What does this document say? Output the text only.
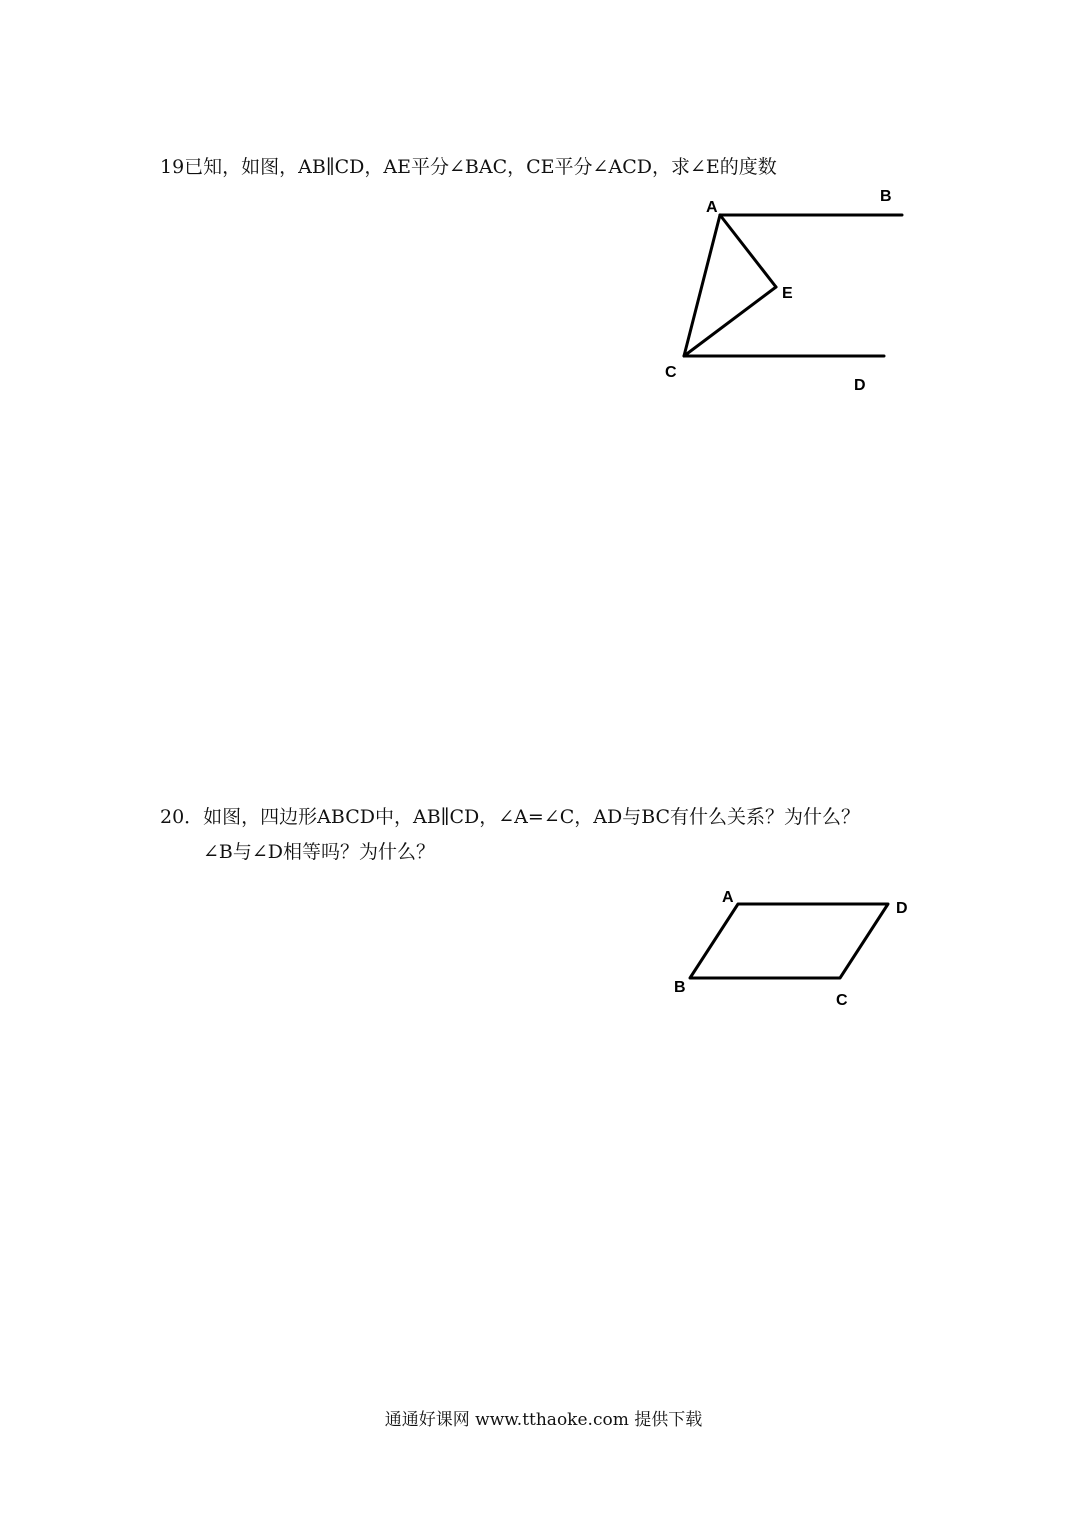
19已知，如图，AB∥CD，AE平分∠BAC，CE平分∠ACD，求∠E的度数
A
B
E
C
D
20．如图，四边形ABCD中，AB∥CD，∠A=∠C，AD与BC有什么关系？为什么？
∠B与∠D相等吗？为什么？
A
D
B
C
通通好课网 www.tthaoke.com 提供下载
